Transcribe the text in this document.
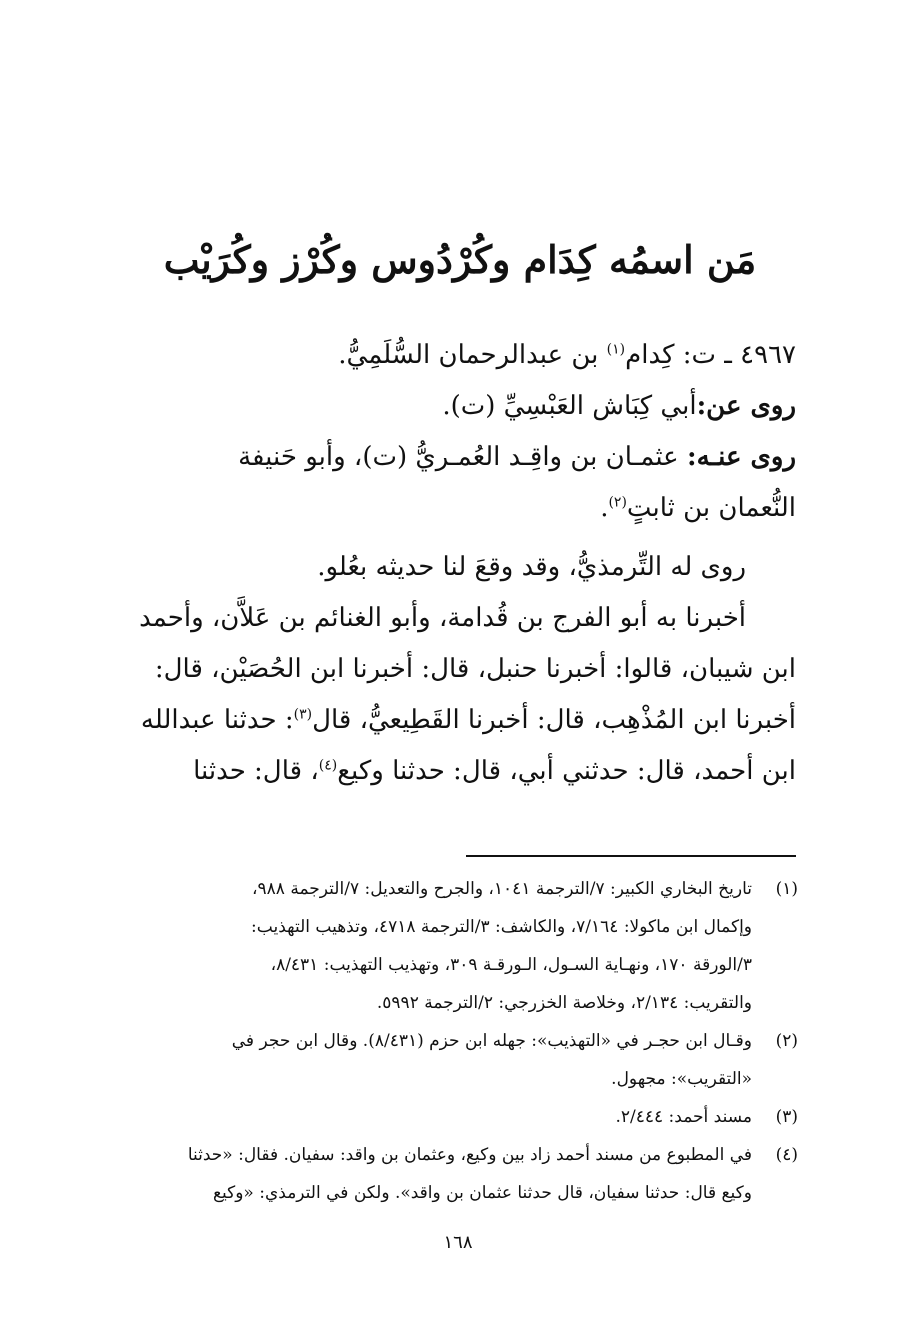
مَن اسمُه كِدَام وكُرْدُوس وكُرْز وكُرَيْب
٤٩٦٧ ـ ت: كِدام$^{(١)}$ بن عبدالرحمان السُّلَمِيُّ.
روى عن:أبي كِبَاش العَبْسِيِّ (ت).
روى عنـه: عثمـان بن واقِـد العُمـريُّ (ت)، وأبو حَنيفة
النُّعمان بن ثابتٍ$^{(٢)}$.
روى له التِّرمذيُّ، وقد وقعَ لنا حديثه بعُلو.
أخبرنا به أبو الفرج بن قُدامة، وأبو الغنائم بن عَلاَّن، وأحمد
ابن شيبان، قالوا: أخبرنا حنبل، قال: أخبرنا ابن الحُصَيْن، قال:
أخبرنا ابن المُذْهِب، قال: أخبرنا القَطِيعيُّ، قال$^{(٣)}$: حدثنا عبدالله
ابن أحمد، قال: حدثني أبي، قال: حدثنا وكيع$^{(٤)}$، قال: حدثنا
(١)
تاريخ البخاري الكبير: ٧/الترجمة ١٠٤١، والجرح والتعديل: ٧/الترجمة ٩٨٨،
وإكمال ابن ماكولا: ٧/١٦٤، والكاشف: ٣/الترجمة ٤٧١٨، وتذهيب التهذيب:
٣/الورقة ١٧٠، ونهـاية السـول، الـورقـة ٣٠٩، وتهذيب التهذيب: ٨/٤٣١،
والتقريب: ٢/١٣٤، وخلاصة الخزرجي: ٢/الترجمة ٥٩٩٢.
(٢)
وقـال ابن حجـر في «التهذيب»: جهله ابن حزم (٨/٤٣١). وقال ابن حجر في
«التقريب»: مجهول.
(٣)
مسند أحمد: ٢/٤٤٤.
(٤)
في المطبوع من مسند أحمد زاد بين وكيع، وعثمان بن واقد: سفيان. فقال: «حدثنا
وكيع قال: حدثنا سفيان، قال حدثنا عثمان بن واقد». ولكن في الترمذي: «وكيع
١٦٨
